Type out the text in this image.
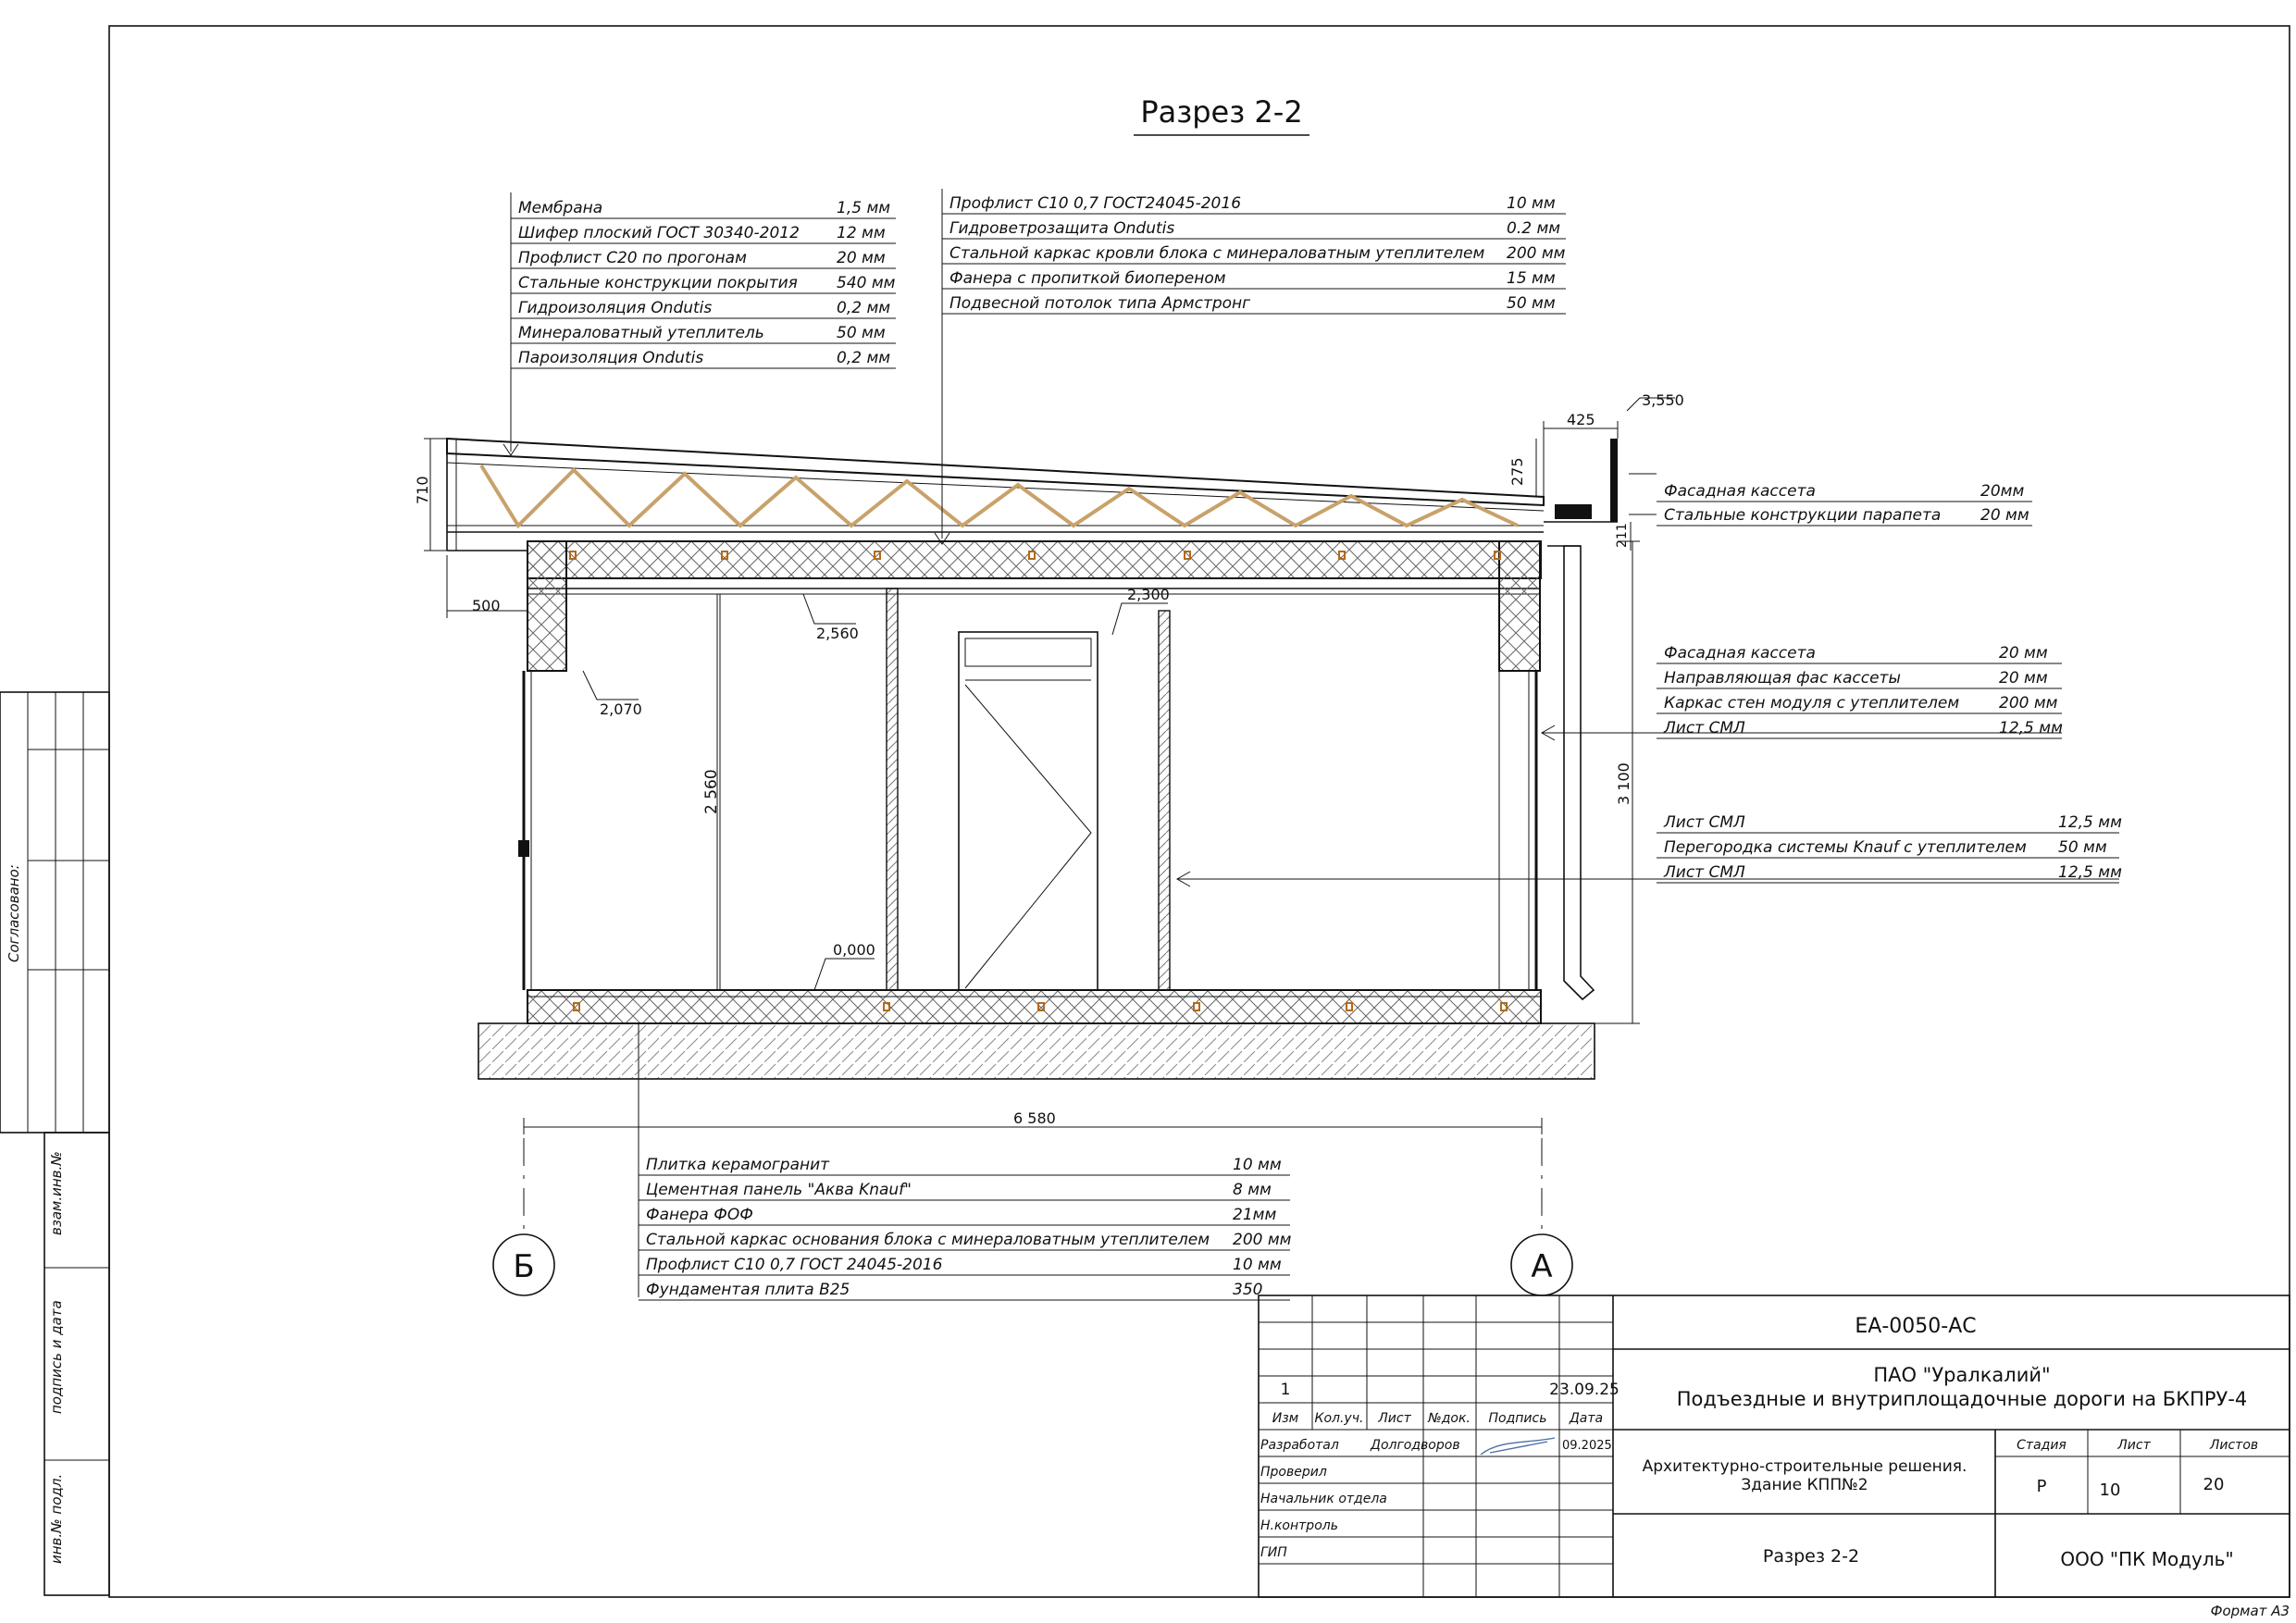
Согласовано:
взам.инв.№
подпись и дата
инв.№ подл.
Разрез 2-2
710
500
425
275
211
3 100
2 560
6 580
3,550
2,560
2,300
2,070
0,000
Б	А
Мембрана	1,5 мм
Шифер плоский ГОСТ 30340-2012 12 мм
Профлист С20 по прогонам	20 мм
Стальные конструкции покрытия 540 мм
Гидроизоляция Ondutis	0,2 мм
Минераловатный утеплитель	50 мм
Пароизоляция Ondutis	0,2 мм
Профлист С10 0,7 ГОСТ24045-2016	10 мм
Гидроветрозащита Ondutis	0.2 мм
Стальной каркас кровли блока с минераловатным утеплителем 200 мм
Фанера с пропиткой биопереном	15 мм
Подвесной потолок типа Армстронг	50 мм
Фасадная кассета	20мм
Стальные конструкции парапета	20 мм
Фасадная кассета	20 мм
Направляющая фас кассеты	20 мм
Каркас стен модуля с утеплителем	200 мм
Лист СМЛ	12,5 мм
Лист СМЛ	12,5 мм
Перегородка системы Knauf с утеплителем 50 мм
Лист СМЛ	12,5 мм
Плитка керамогранит	10 мм
Цементная панель "Аква Knauf"	8 мм
Фанера ФОФ	21мм
Стальной каркас основания блока с минераловатным утеплителем 200 мм
Профлист С10 0,7 ГОСТ 24045-2016	10 мм
Фундаментая плита В25	350
ЕА-0050-АС
ПАО "Уралкалий"
Подъездные и внутриплощадочные дороги на БКПРУ-4
1	23.09.25
Изм Кол.уч. Лист №док. Подпись Дата
Разработал Долгодворов	09.2025
Проверил
Начальник отдела
Н.контроль
ГИП
Архитектурно-строительные решения.
Здание КПП№2
Стадия	Лист	Листов
Р	10	20
Разрез 2-2	ООО "ПК Модуль"
Формат А3
